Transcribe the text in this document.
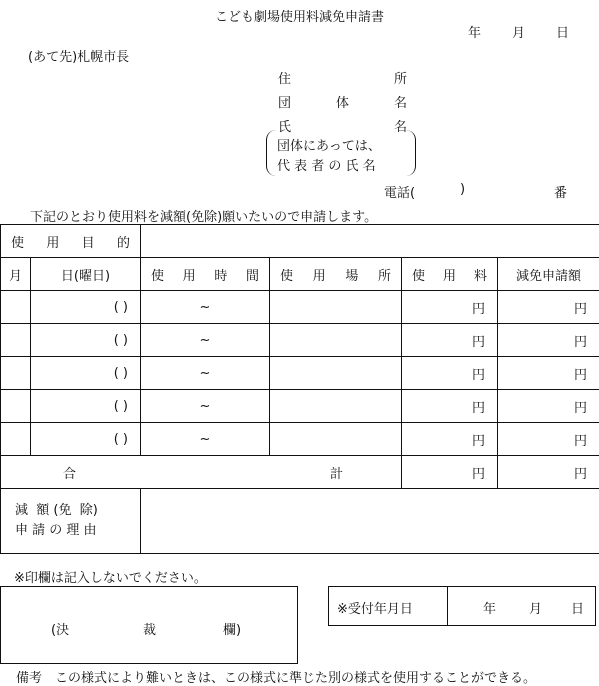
こども劇場使用料減免申請書
年 月 日
(あて先)札幌市長
住	所
団	体	名
氏	名
団体にあっては、
代 表 者 の 氏 名
電話(	)	番
下記のとおり使用料を減額(免除)願いたいので申請します。
使 用 目 的					

月	日(曜日)	使 用 時 間	使 用 場 所	使 用 料	減免申請額
	( )	~		円	円
	( )	~		円	円
	( )	~		円	円
	( )	~		円	円
	( )	~		円	円

合 計				円	円

減  額 (免  除)
申 請 の 理 由					

※印欄は記入しないでください。
(決	裁	欄)
※受付年月日	年	月 日
備考　この様式により難いときは、この様式に準じた別の様式を使用することができる。
